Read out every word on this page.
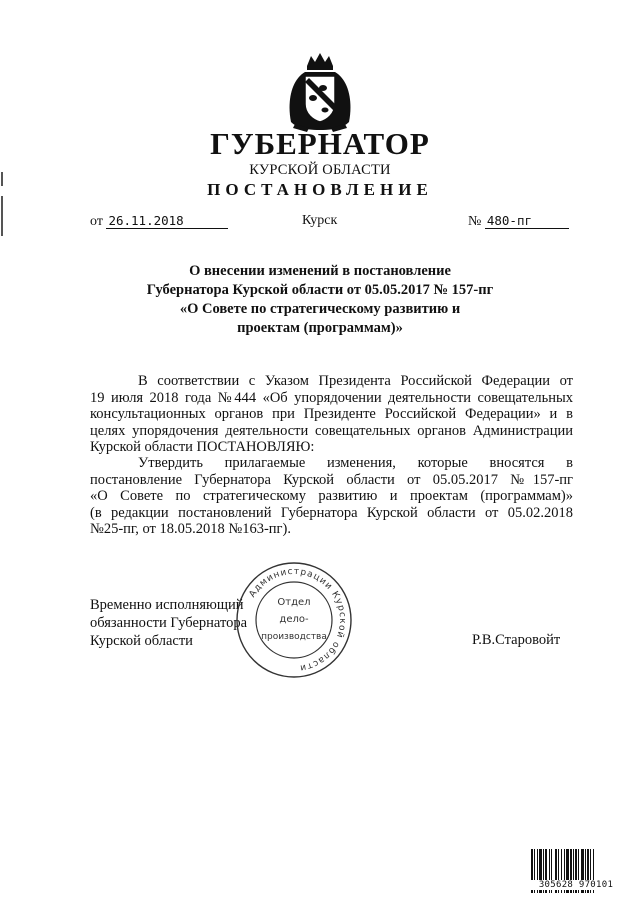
ГУБЕРНАТОР
КУРСКОЙ ОБЛАСТИ
ПОСТАНОВЛЕНИЕ
от 26.11.2018	Курск	№ 480-пг
О внесении изменений в постановление
Губернатора Курской области от 05.05.2017 № 157-пг
«О Совете по стратегическому развитию и
проектам (программам)»
В соответствии с Указом Президента Российской Федерации от
19 июля 2018 года №444 «Об упорядочении деятельности совещательных
консультационных органов при Президенте Российской Федерации» и в
целях упорядочения деятельности совещательных органов Администрации
Курской области ПОСТАНОВЛЯЮ:
Утвердить прилагаемые изменения, которые вносятся в
постановление Губернатора Курской области от 05.05.2017 №157-пг
«О Совете по стратегическому развитию и проектам (программам)»
(в редакции постановлений Губернатора Курской области от 05.02.2018
№25-пг, от 18.05.2018 №163-пг).
Временно исполняющий
обязанности Губернатора
Курской области	Р.В.Старовойт
Администрации Курской области
Отдел
дело-
производства
305628 970101
